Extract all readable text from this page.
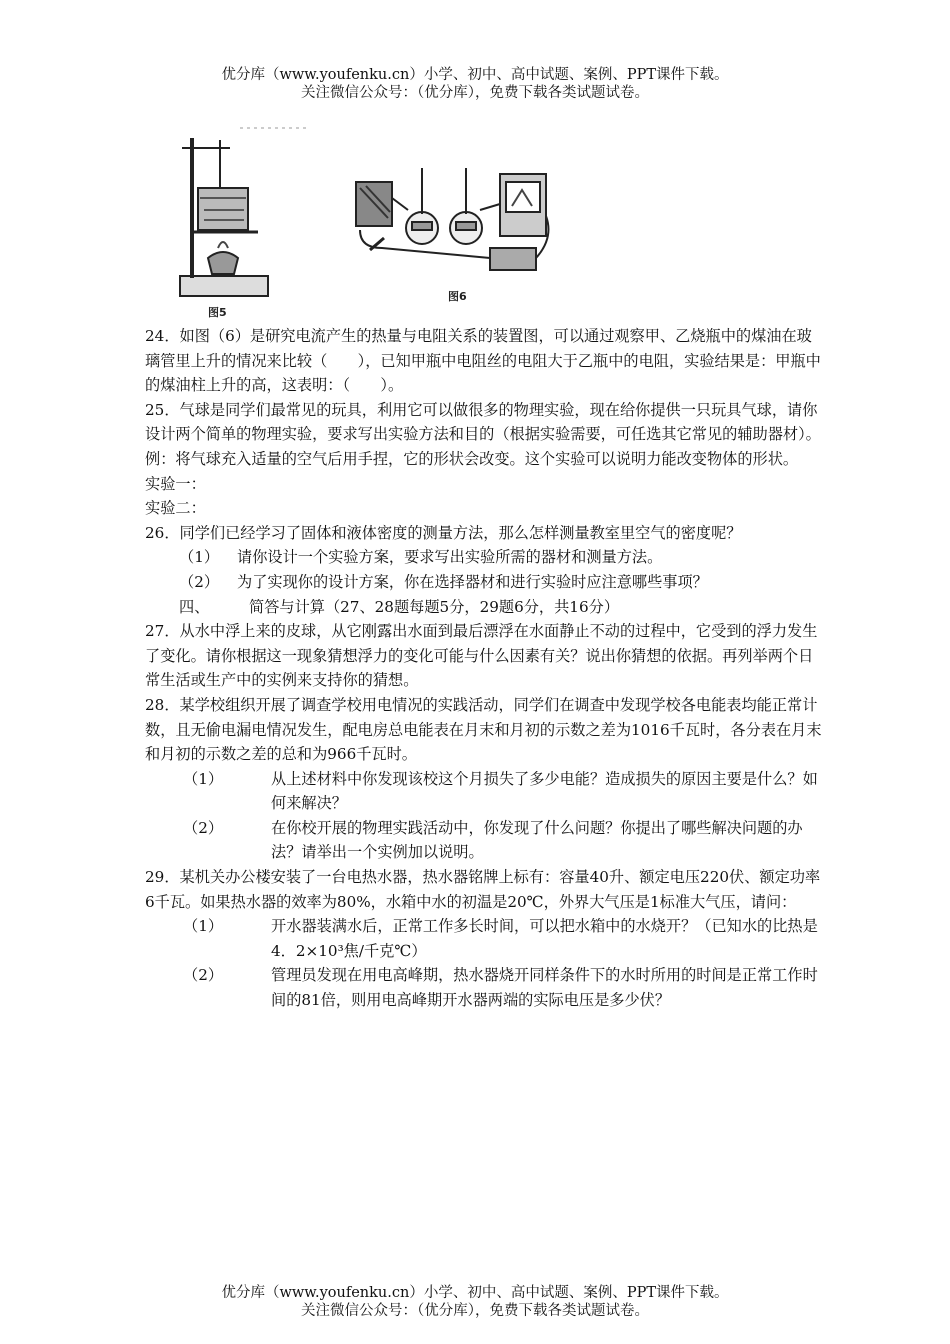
优分库（www.youfenku.cn）小学、初中、高中试题、案例、PPT课件下载。
关注微信公众号：（优分库），免费下载各类试题试卷。
图5
图6
24．如图（6）是研究电流产生的热量与电阻关系的装置图，可以通过观察甲、乙烧瓶中的煤油在玻璃管里上升的情况来比较（　　），已知甲瓶中电阻丝的电阻大于乙瓶中的电阻，实验结果是：甲瓶中的煤油柱上升的高，这表明：（　　）。
25．气球是同学们最常见的玩具，利用它可以做很多的物理实验，现在给你提供一只玩具气球，请你设计两个简单的物理实验，要求写出实验方法和目的（根据实验需要，可任选其它常见的辅助器材）。
例：将气球充入适量的空气后用手捏，它的形状会改变。这个实验可以说明力能改变物体的形状。
实验一：
实验二：
26．同学们已经学习了固体和液体密度的测量方法，那么怎样测量教室里空气的密度呢？
（1）	请你设计一个实验方案，要求写出实验所需的器材和测量方法。
（2）	为了实现你的设计方案，你在选择器材和进行实验时应注意哪些事项？
四、	简答与计算（27、28题每题5分，29题6分，共16分）
27．从水中浮上来的皮球，从它刚露出水面到最后漂浮在水面静止不动的过程中，它受到的浮力发生了变化。请你根据这一现象猜想浮力的变化可能与什么因素有关？说出你猜想的依据。再列举两个日常生活或生产中的实例来支持你的猜想。
28．某学校组织开展了调查学校用电情况的实践活动，同学们在调查中发现学校各电能表均能正常计数，且无偷电漏电情况发生，配电房总电能表在月末和月初的示数之差为1016千瓦时，各分表在月末和月初的示数之差的总和为966千瓦时。
（1）	从上述材料中你发现该校这个月损失了多少电能？造成损失的原因主要是什么？如何来解决？
（2）	在你校开展的物理实践活动中，你发现了什么问题？你提出了哪些解决问题的办法？请举出一个实例加以说明。
29．某机关办公楼安装了一台电热水器，热水器铭牌上标有：容量40升、额定电压220伏、额定功率6千瓦。如果热水器的效率为80%，水箱中水的初温是20℃，外界大气压是1标准大气压，请问：
（1）	开水器装满水后，正常工作多长时间，可以把水箱中的水烧开？（已知水的比热是4．2×10³焦/千克℃）
（2）	管理员发现在用电高峰期，热水器烧开同样条件下的水时所用的时间是正常工作时间的81倍，则用电高峰期开水器两端的实际电压是多少伏？
优分库（www.youfenku.cn）小学、初中、高中试题、案例、PPT课件下载。
关注微信公众号：（优分库），免费下载各类试题试卷。
